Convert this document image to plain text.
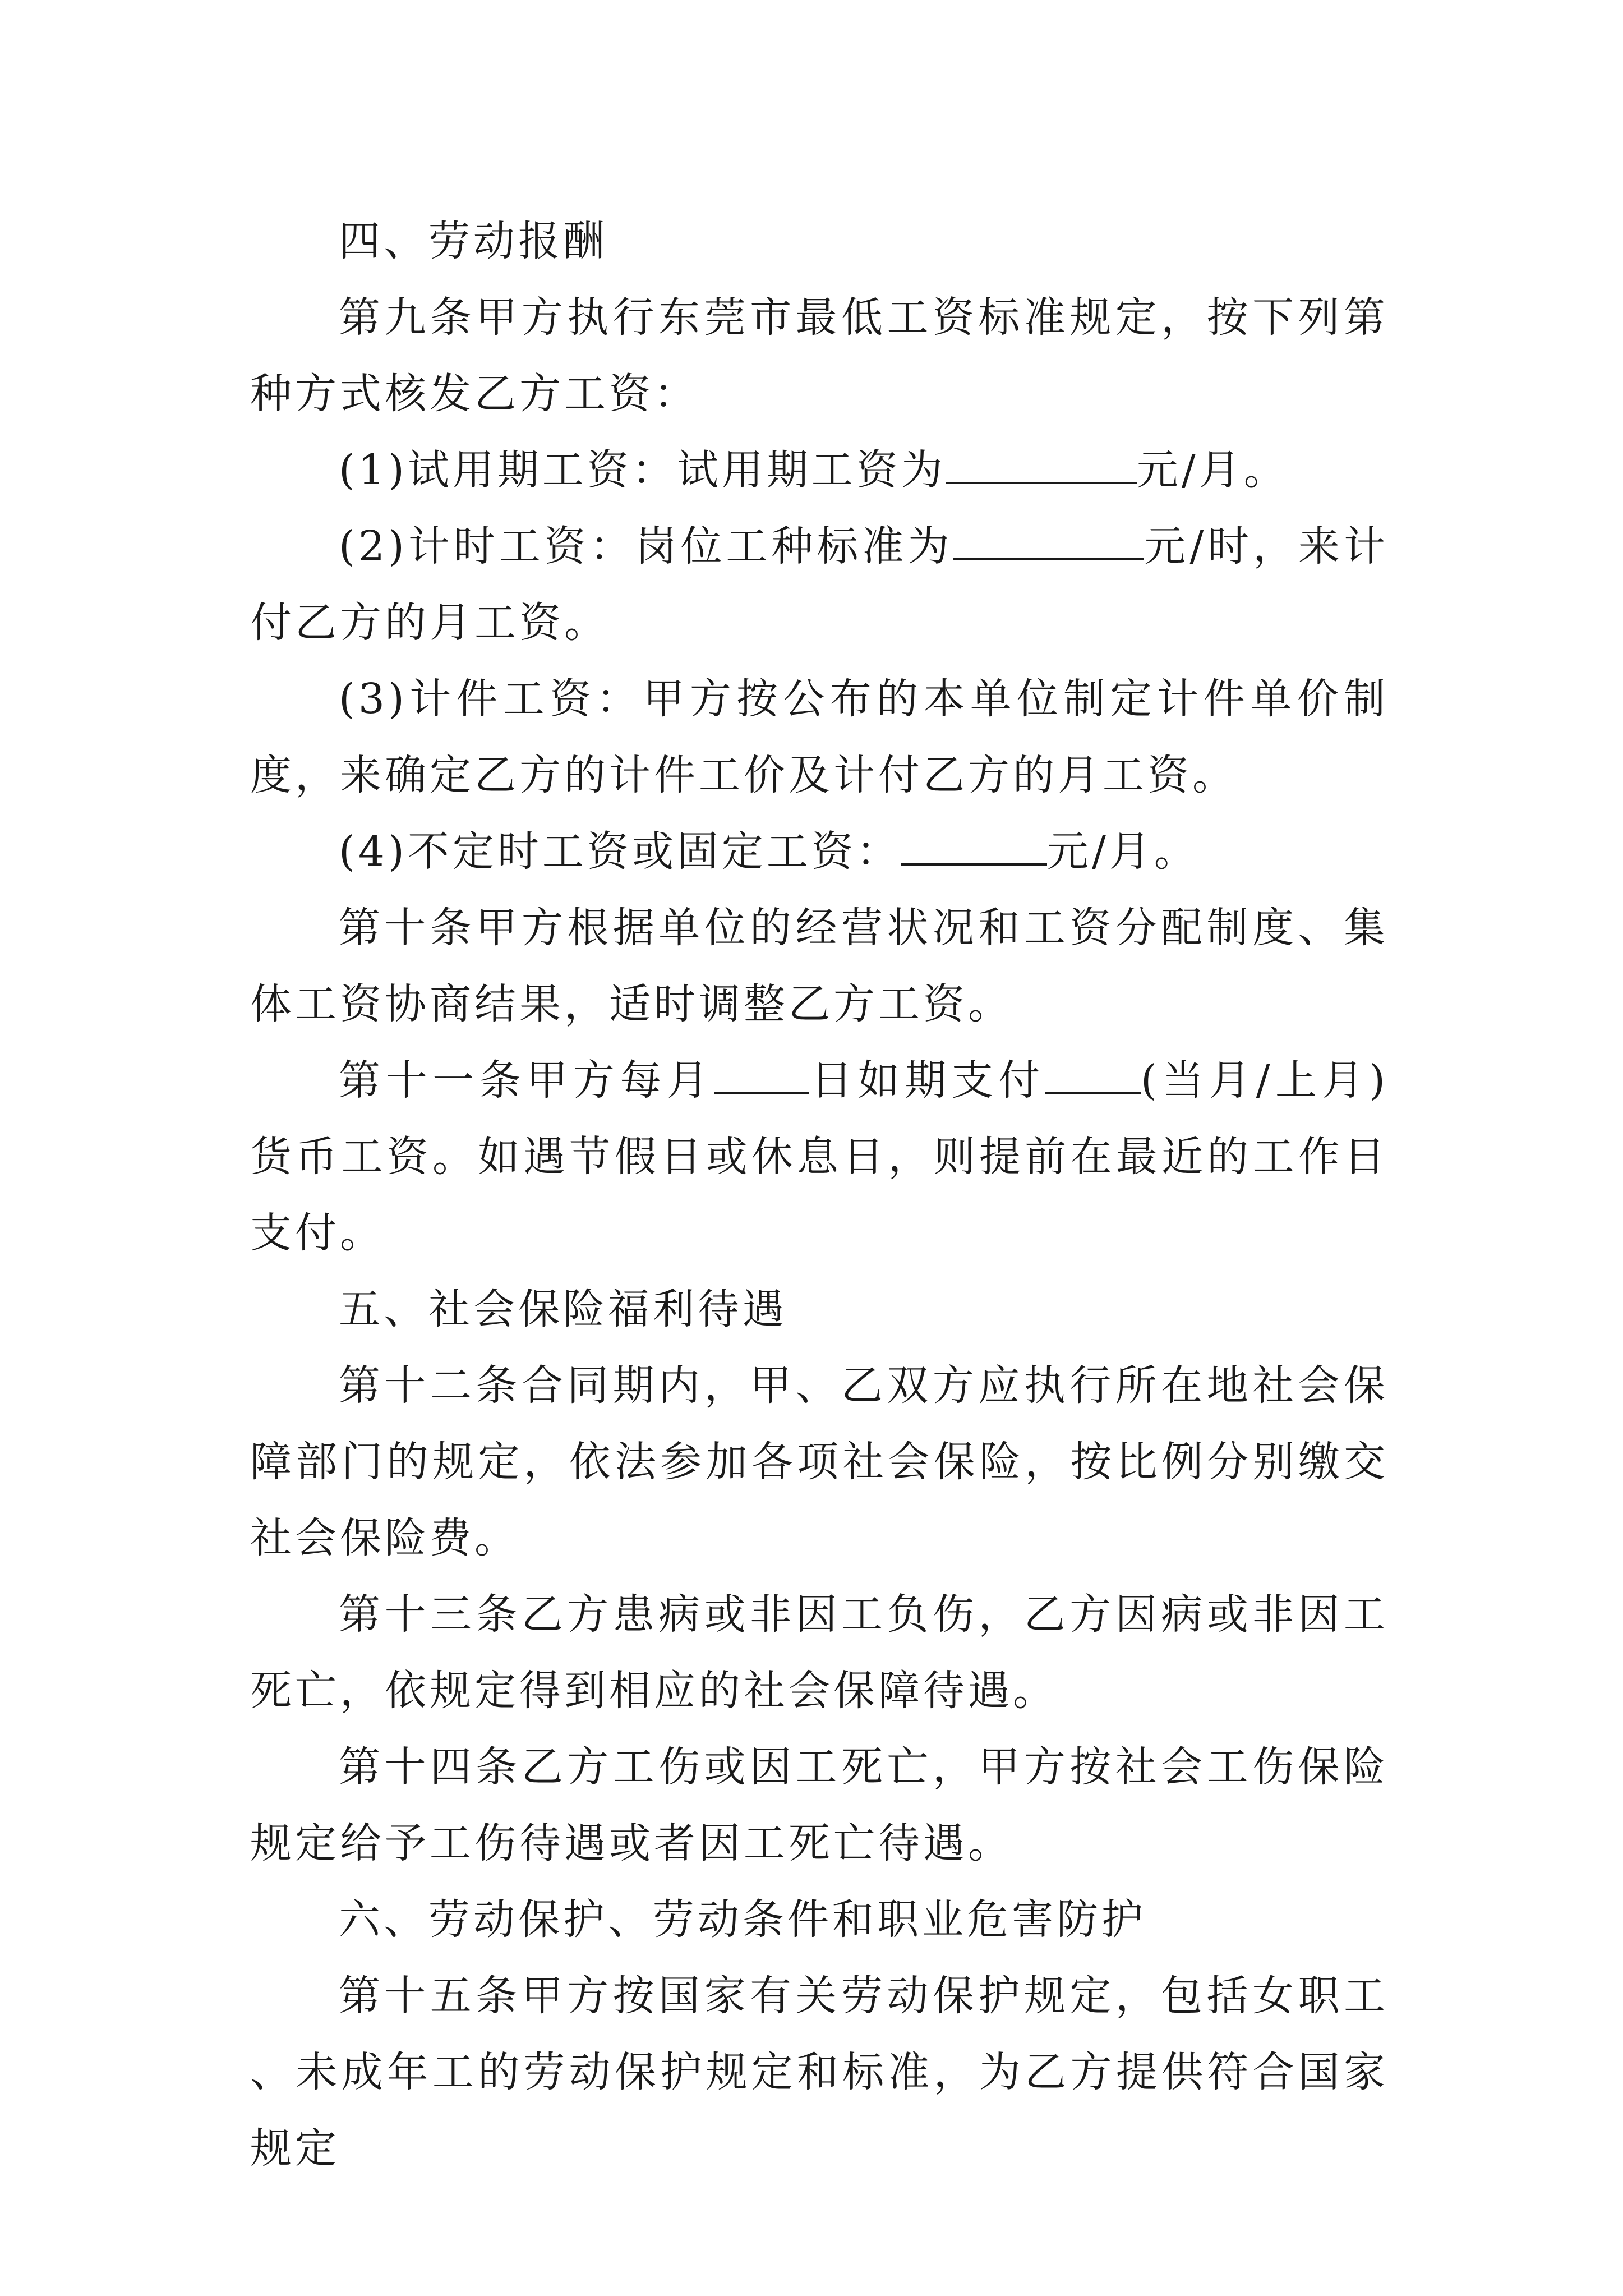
四、劳动报酬

第九条甲方执行东莞市最低工资标准规定，按下列第种方式核发乙方工资：

(1)试用期工资：试用期工资为	元/月。

(2)计时工资：岗位工种标准为	元/时，来计付乙方的月工资。

(3)计件工资：甲方按公布的本单位制定计件单价制度，来确定乙方的计件工价及计付乙方的月工资。

(4)不定时工资或固定工资：	元/月。

第十条甲方根据单位的经营状况和工资分配制度、集体工资协商结果，适时调整乙方工资。

第十一条甲方每月 日如期支付 (当月/上月)货币工资。如遇节假日或休息日，则提前在最近的工作日支付。

五、社会保险福利待遇

第十二条合同期内，甲、乙双方应执行所在地社会保障部门的规定，依法参加各项社会保险，按比例分别缴交社会保险费。

第十三条乙方患病或非因工负伤，乙方因病或非因工死亡，依规定得到相应的社会保障待遇。

第十四条乙方工伤或因工死亡，甲方按社会工伤保险规定给予工伤待遇或者因工死亡待遇。

六、劳动保护、劳动条件和职业危害防护

第十五条甲方按国家有关劳动保护规定，包括女职工、未成年工的劳动保护规定和标准，为乙方提供符合国家规定
